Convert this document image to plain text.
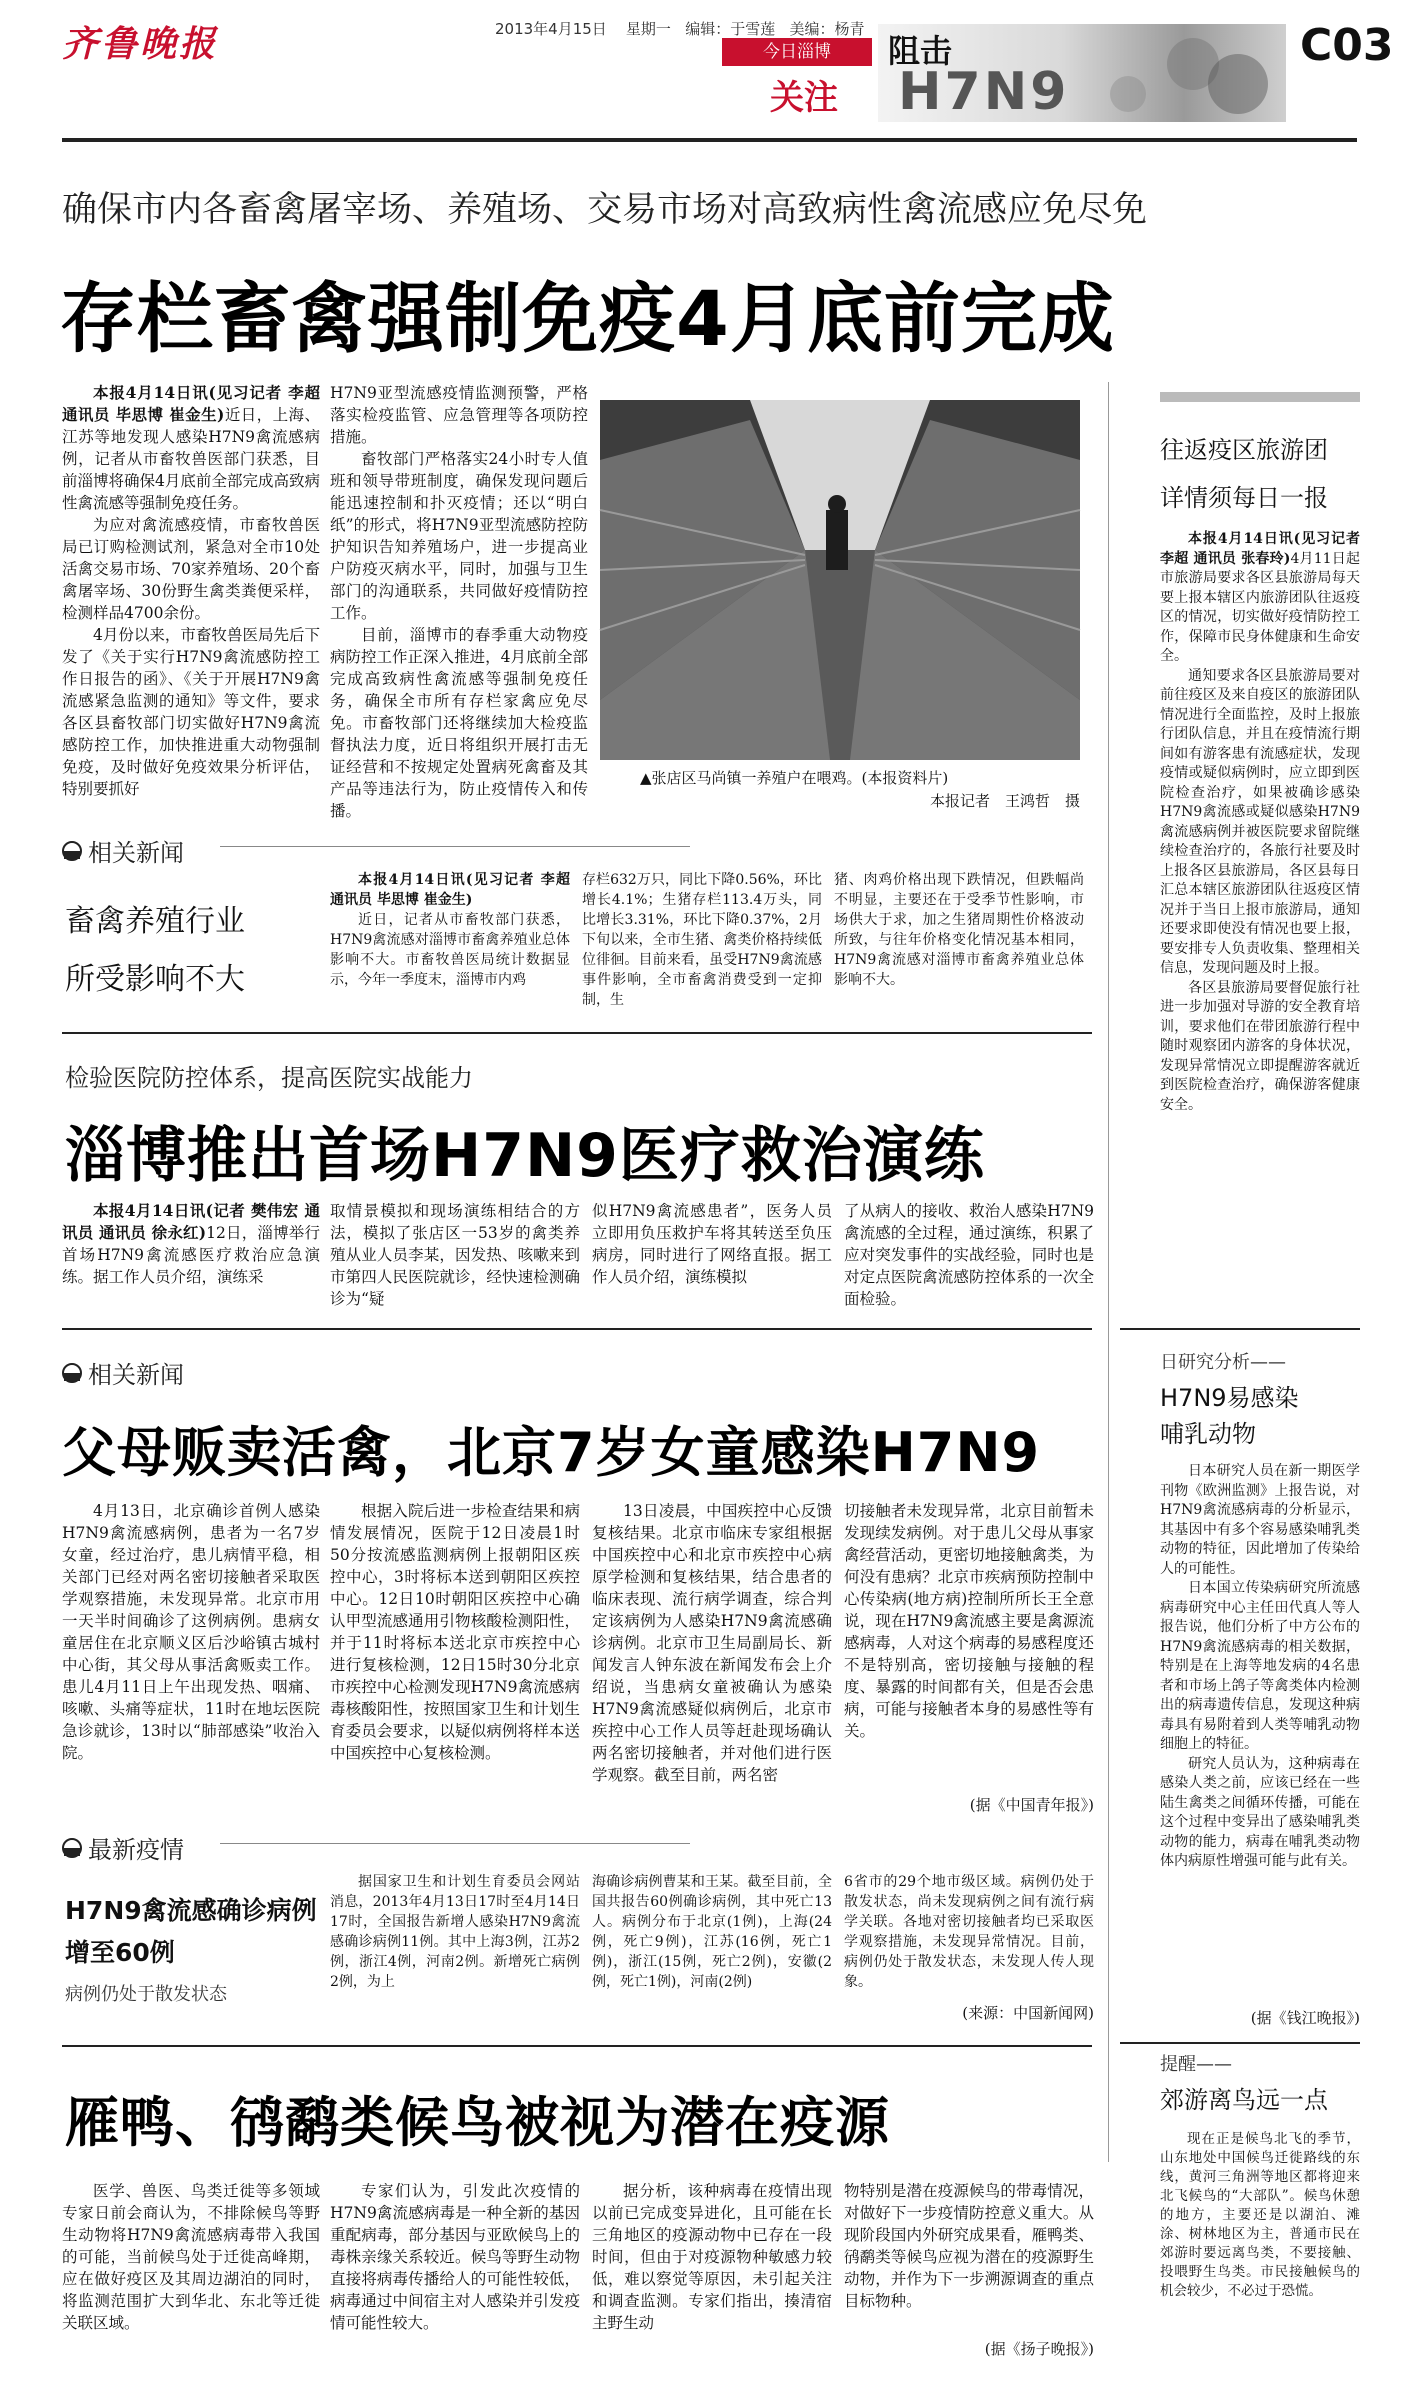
齐鲁晚报	2013年4月15日 星期一 编辑：于雪莲 美编：杨青
今日淄博
关注
阻击
H7N9
C03
确保市内各畜禽屠宰场、养殖场、交易市场对高致病性禽流感应免尽免
存栏畜禽强制免疫4月底前完成

本报4月14日讯(见习记者 李超 通讯员 毕思博 崔金生)近日，上海、江苏等地发现人感染H7N9禽流感病例，记者从市畜牧兽医部门获悉，目前淄博将确保4月底前全部完成高致病性禽流感等强制免疫任务。

为应对禽流感疫情，市畜牧兽医局已订购检测试剂，紧急对全市10处活禽交易市场、70家养殖场、20个畜禽屠宰场、30份野生禽类粪便采样，检测样品4700余份。

4月份以来，市畜牧兽医局先后下发了《关于实行H7N9禽流感防控工作日报告的函》、《关于开展H7N9禽流感紧急监测的通知》等文件，要求各区县畜牧部门切实做好H7N9禽流感防控工作，加快推进重大动物强制免疫，及时做好免疫效果分析评估，特别要抓好

H7N9亚型流感疫情监测预警，严格落实检疫监管、应急管理等各项防控措施。

畜牧部门严格落实24小时专人值班和领导带班制度，确保发现问题后能迅速控制和扑灭疫情；还以“明白纸”的形式，将H7N9亚型流感防控防护知识告知养殖场户，进一步提高业户防疫灭病水平，同时，加强与卫生部门的沟通联系，共同做好疫情防控工作。

目前，淄博市的春季重大动物疫病防控工作正深入推进，4月底前全部完成高致病性禽流感等强制免疫任务，确保全市所有存栏家禽应免尽免。市畜牧部门还将继续加大检疫监督执法力度，近日将组织开展打击无证经营和不按规定处置病死禽畜及其产品等违法行为，防止疫情传入和传播。

▲张店区马尚镇一养殖户在喂鸡。(本报资料片)
本报记者　王鸿哲　摄
相关新闻
畜禽养殖行业
所受影响不大

本报4月14日讯(见习记者 李超 通讯员 毕思博 崔金生)

近日，记者从市畜牧部门获悉，H7N9禽流感对淄博市畜禽养殖业总体影响不大。市畜牧兽医局统计数据显示，今年一季度末，淄博市内鸡

存栏632万只，同比下降0.56%，环比增长4.1%；生猪存栏113.4万头，同比增长3.31%，环比下降0.37%，2月下旬以来，全市生猪、禽类价格持续低位徘徊。目前来看，虽受H7N9禽流感事件影响，全市畜禽消费受到一定抑制，生

猪、肉鸡价格出现下跌情况，但跌幅尚不明显，主要还在于受季节性影响，市场供大于求，加之生猪周期性价格波动所致，与往年价格变化情况基本相同，H7N9禽流感对淄博市畜禽养殖业总体影响不大。

往返疫区旅游团
详情须每日一报

本报4月14日讯(见习记者 李超 通讯员 张春玲)4月11日起市旅游局要求各区县旅游局每天要上报本辖区内旅游团队往返疫区的情况，切实做好疫情防控工作，保障市民身体健康和生命安全。

通知要求各区县旅游局要对前往疫区及来自疫区的旅游团队情况进行全面监控，及时上报旅行团队信息，并且在疫情流行期间如有游客患有流感症状，发现疫情或疑似病例时，应立即到医院检查治疗，如果被确诊感染H7N9禽流感或疑似感染H7N9禽流感病例并被医院要求留院继续检查治疗的，各旅行社要及时上报各区县旅游局，各区县每日汇总本辖区旅游团队往返疫区情况并于当日上报市旅游局，通知还要求即使没有情况也要上报，要安排专人负责收集、整理相关信息，发现问题及时上报。

各区县旅游局要督促旅行社进一步加强对导游的安全教育培训，要求他们在带团旅游行程中随时观察团内游客的身体状况，发现异常情况立即提醒游客就近到医院检查治疗，确保游客健康安全。

检验医院防控体系，提高医院实战能力
淄博推出首场H7N9医疗救治演练

本报4月14日讯(记者 樊伟宏 通讯员 通讯员 徐永红)12日，淄博举行首场H7N9禽流感医疗救治应急演练。据工作人员介绍，演练采

取情景模拟和现场演练相结合的方法，模拟了张店区一53岁的禽类养殖从业人员李某，因发热、咳嗽来到市第四人民医院就诊，经快速检测确诊为“疑

似H7N9禽流感患者”，医务人员立即用负压救护车将其转送至负压病房，同时进行了网络直报。据工作人员介绍，演练模拟

了从病人的接收、救治人感染H7N9禽流感的全过程，通过演练，积累了应对突发事件的实战经验，同时也是对定点医院禽流感防控体系的一次全面检验。

日研究分析——
H7N9易感染
哺乳动物

日本研究人员在新一期医学刊物《欧洲监测》上报告说，对H7N9禽流感病毒的分析显示，其基因中有多个容易感染哺乳类动物的特征，因此增加了传染给人的可能性。

日本国立传染病研究所流感病毒研究中心主任田代真人等人报告说，他们分析了中方公布的H7N9禽流感病毒的相关数据，特别是在上海等地发病的4名患者和市场上鸽子等禽类体内检测出的病毒遗传信息，发现这种病毒具有易附着到人类等哺乳动物细胞上的特征。

研究人员认为，这种病毒在感染人类之前，应该已经在一些陆生禽类之间循环传播，可能在这个过程中变异出了感染哺乳类动物的能力，病毒在哺乳类动物体内病原性增强可能与此有关。

(据《钱江晚报》)
相关新闻
父母贩卖活禽，北京7岁女童感染H7N9

4月13日，北京确诊首例人感染H7N9禽流感病例，患者为一名7岁女童，经过治疗，患儿病情平稳，相关部门已经对两名密切接触者采取医学观察措施，未发现异常。北京市用一天半时间确诊了这例病例。患病女童居住在北京顺义区后沙峪镇古城村中心街，其父母从事活禽贩卖工作。患儿4月11日上午出现发热、咽痛、咳嗽、头痛等症状，11时在地坛医院急诊就诊，13时以“肺部感染”收治入院。

根据入院后进一步检查结果和病情发展情况，医院于12日凌晨1时50分按流感监测病例上报朝阳区疾控中心，3时将标本送到朝阳区疾控中心。12日10时朝阳区疾控中心确认甲型流感通用引物核酸检测阳性，并于11时将标本送北京市疾控中心进行复核检测，12日15时30分北京市疾控中心检测发现H7N9禽流感病毒核酸阳性，按照国家卫生和计划生育委员会要求，以疑似病例将样本送中国疾控中心复核检测。

13日凌晨，中国疾控中心反馈复核结果。北京市临床专家组根据中国疾控中心和北京市疾控中心病原学检测和复核结果，结合患者的临床表现、流行病学调查，综合判定该病例为人感染H7N9禽流感确诊病例。北京市卫生局副局长、新闻发言人钟东波在新闻发布会上介绍说，当患病女童被确认为感染H7N9禽流感疑似病例后，北京市疾控中心工作人员等赶赴现场确认两名密切接触者，并对他们进行医学观察。截至目前，两名密

切接触者未发现异常，北京目前暂未发现续发病例。对于患儿父母从事家禽经营活动，更密切地接触禽类，为何没有患病？北京市疾病预防控制中心传染病(地方病)控制所所长王全意说，现在H7N9禽流感主要是禽源流感病毒，人对这个病毒的易感程度还不是特别高，密切接触与接触的程度、暴露的时间都有关，但是否会患病，可能与接触者本身的易感性等有关。

(据《中国青年报》)
最新疫情
H7N9禽流感确诊病例
增至60例
病例仍处于散发状态

据国家卫生和计划生育委员会网站消息，2013年4月13日17时至4月14日17时，全国报告新增人感染H7N9禽流感确诊病例11例。其中上海3例，江苏2例，浙江4例，河南2例。新增死亡病例2例，为上

海确诊病例曹某和王某。截至目前，全国共报告60例确诊病例，其中死亡13人。病例分布于北京(1例)，上海(24例，死亡9例)，江苏(16例，死亡1例)，浙江(15例，死亡2例)，安徽(2例，死亡1例)，河南(2例)

6省市的29个地市级区域。病例仍处于散发状态，尚未发现病例之间有流行病学关联。各地对密切接触者均已采取医学观察措施，未发现异常情况。目前，病例仍处于散发状态，未发现人传人现象。

(来源：中国新闻网)
提醒——
郊游离鸟远一点

现在正是候鸟北飞的季节，山东地处中国候鸟迁徙路线的东线，黄河三角洲等地区都将迎来北飞候鸟的“大部队”。候鸟休憩的地方，主要还是以湖泊、滩涂、树林地区为主，普通市民在郊游时要远离鸟类，不要接触、投喂野生鸟类。市民接触候鸟的机会较少，不必过于恐慌。

雁鸭、鸻鹬类候鸟被视为潜在疫源

医学、兽医、鸟类迁徙等多领域专家日前会商认为，不排除候鸟等野生动物将H7N9禽流感病毒带入我国的可能，当前候鸟处于迁徙高峰期，应在做好疫区及其周边湖泊的同时，将监测范围扩大到华北、东北等迁徙关联区域。

专家们认为，引发此次疫情的H7N9禽流感病毒是一种全新的基因重配病毒，部分基因与亚欧候鸟上的毒株亲缘关系较近。候鸟等野生动物直接将病毒传播给人的可能性较低，病毒通过中间宿主对人感染并引发疫情可能性较大。

据分析，该种病毒在疫情出现以前已完成变异进化，且可能在长三角地区的疫源动物中已存在一段时间，但由于对疫源物种敏感力较低，难以察觉等原因，未引起关注和调查监测。专家们指出，揍清宿主野生动

物特别是潜在疫源候鸟的带毒情况，对做好下一步疫情防控意义重大。从现阶段国内外研究成果看，雁鸭类、鸻鹬类等候鸟应视为潜在的疫源野生动物，并作为下一步溯源调查的重点目标物种。

(据《扬子晚报》)
